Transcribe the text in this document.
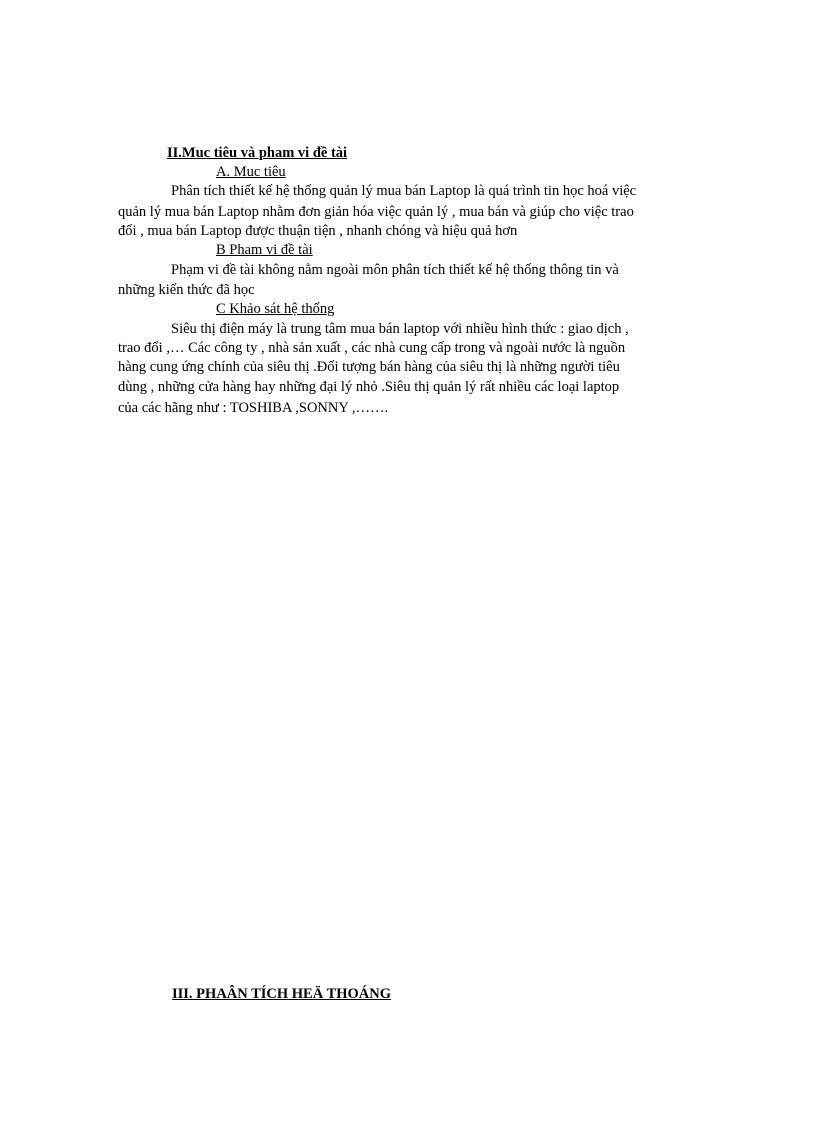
II.Muc tiêu và pham vi đề tài
A. Muc tiêu
Phân tích thiết kế hệ thống quản lý mua bán Laptop là quá trình tin học hoá việc
quản lý mua bán Laptop nhằm đơn giản hóa việc quản lý , mua bán và giúp cho việc trao
đổi , mua bán Laptop được thuận tiện , nhanh chóng và hiệu quả hơn
B Pham vi đề tài
Phạm vi đề tài không nằm ngoài môn phân tích thiết kế hệ thống thông tin và
những kiến thức đã học
C Khảo sát hệ thống
Siêu thị điện máy là trung tâm mua bán laptop với nhiều hình thức : giao dịch ,
trao đổi ,… Các công ty , nhà sản xuất , các nhà cung cấp trong và ngoài nước là nguồn
hàng cung ứng chính của siêu thị .Đối tượng bán hàng của siêu thị là những người tiêu
dùng , những cửa hàng hay những đại lý nhỏ .Siêu thị quản lý rất nhiều các loại laptop
của các hãng như : TOSHIBA ,SONNY ,…….
III. PHAÂN TÍCH HEÄ THOÁNG
